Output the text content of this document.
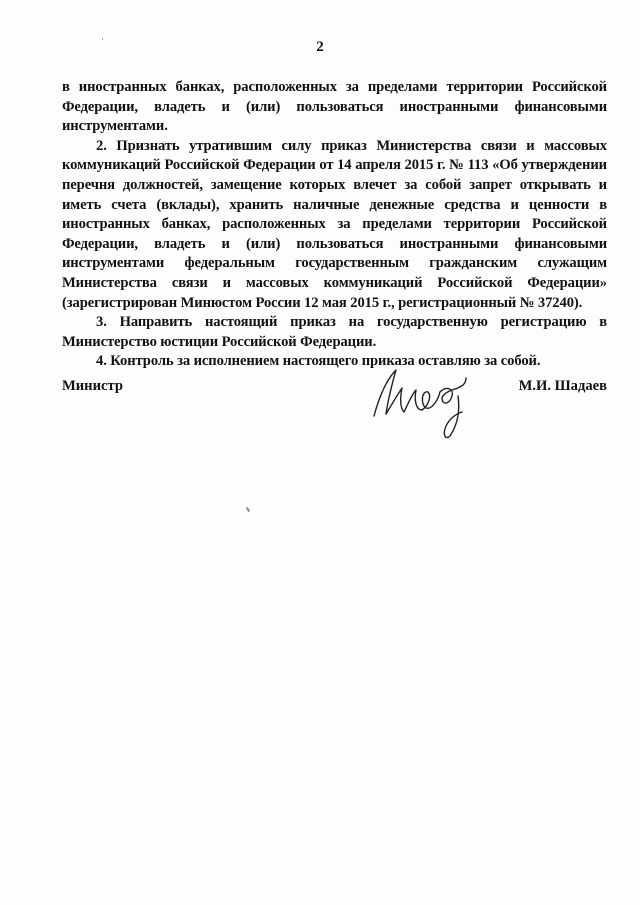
2

в иностранных банках, расположенных за пределами территории Российской Федерации, владеть и (или) пользоваться иностранными финансовыми инструментами.

2. Признать утратившим силу приказ Министерства связи и массовых коммуникаций Российской Федерации от 14 апреля 2015 г. № 113 «Об утверждении перечня должностей, замещение которых влечет за собой запрет открывать и иметь счета (вклады), хранить наличные денежные средства и ценности в иностранных банках, расположенных за пределами территории Российской Федерации, владеть и (или) пользоваться иностранными финансовыми инструментами федеральным государственным гражданским служащим Министерства связи и массовых коммуникаций Российской Федерации» (зарегистрирован Минюстом России 12 мая 2015 г., регистрационный № 37240).

3. Направить настоящий приказ на государственную регистрацию в Министерство юстиции Российской Федерации.

4. Контроль за исполнением настоящего приказа оставляю за собой.

Министр	М.И. Шадаев
